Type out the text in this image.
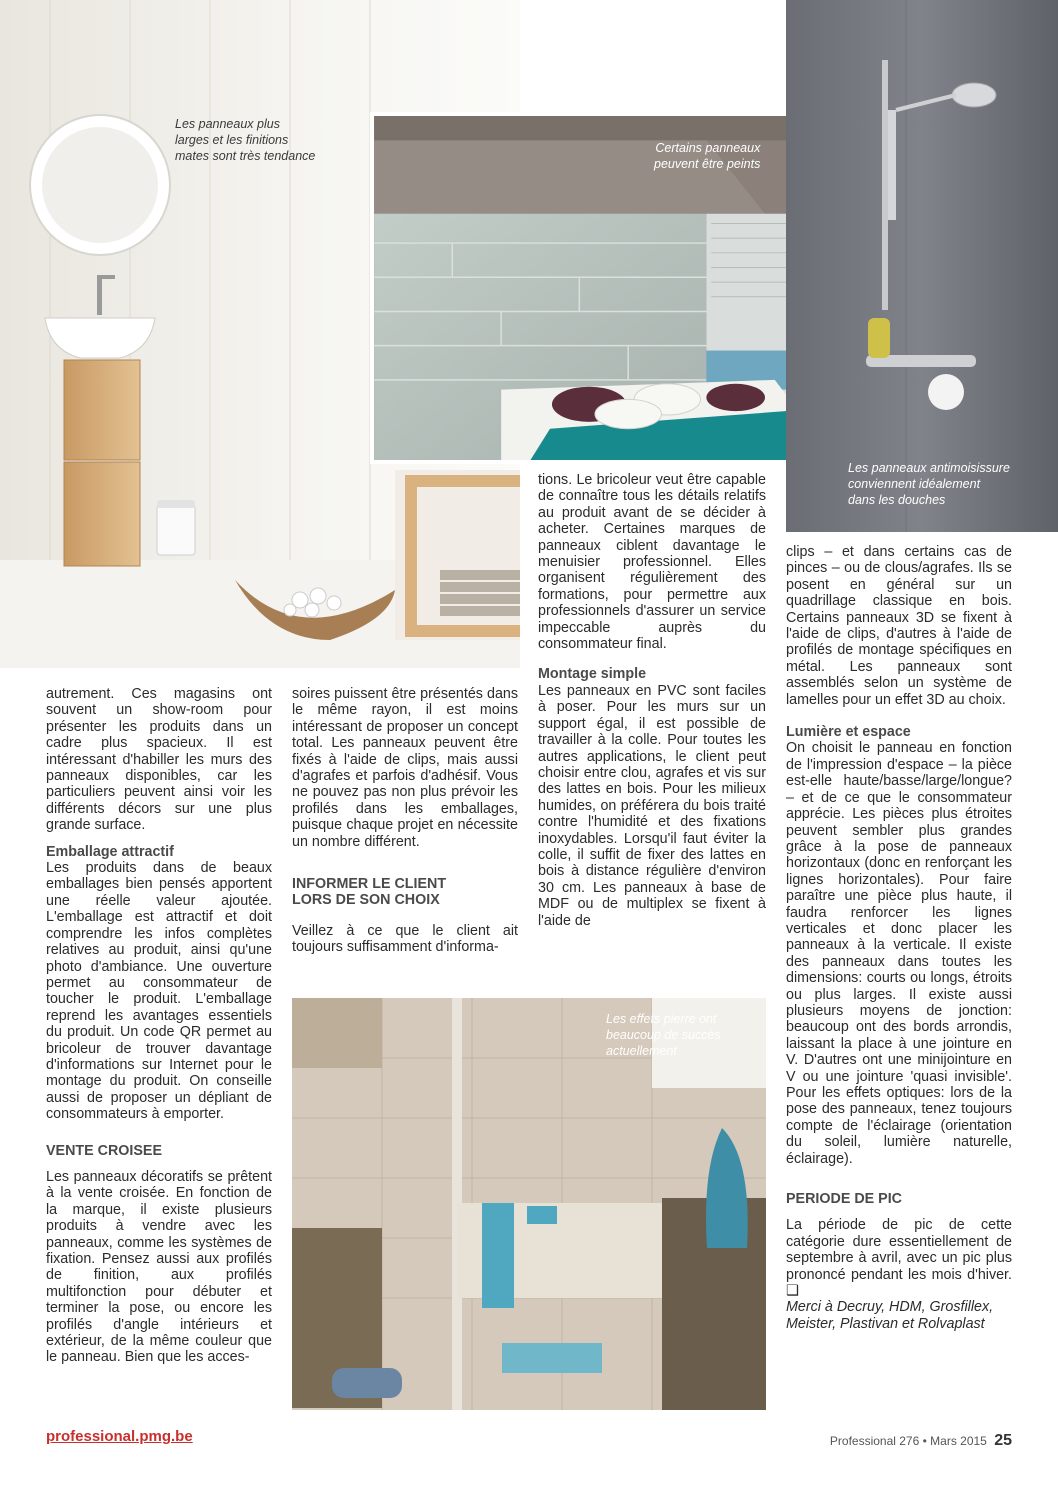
Les panneaux plus
larges et les finitions
mates sont très tendance
Certains panneaux
peuvent être peints
Les panneaux antimoisissure
conviennent idéalement
dans les douches
Les effets pierre ont
beaucoup de succès
actuellement

autrement. Ces magasins ont souvent un show-room pour présenter les produits dans un cadre plus spacieux. Il est intéressant d'habiller les murs des panneaux disponibles, car les particuliers peuvent ainsi voir les différents décors sur une plus grande surface.

Emballage attractif

Les produits dans de beaux emballages bien pensés apportent une réelle valeur ajoutée. L'emballage est attractif et doit comprendre les infos complètes relatives au produit, ainsi qu'une photo d'ambiance. Une ouverture permet au consommateur de toucher le produit. L'emballage reprend les avantages essentiels du produit. Un code QR permet au bricoleur de trouver davantage d'informations sur Internet pour le montage du produit. On conseille aussi de proposer un dépliant de consommateurs à emporter.

VENTE CROISEE

Les panneaux décoratifs se prêtent à la vente croisée. En fonction de la marque, il existe plusieurs produits à vendre avec les panneaux, comme les systèmes de fixation. Pensez aussi aux profilés de finition, aux profilés multifonction pour débuter et terminer la pose, ou encore les profilés d'angle intérieurs et extérieur, de la même couleur que le panneau. Bien que les acces-

soires puissent être présentés dans le même rayon, il est moins intéressant de proposer un concept total. Les panneaux peuvent être fixés à l'aide de clips, mais aussi d'agrafes et parfois d'adhésif. Vous ne pouvez pas non plus prévoir les profilés dans les emballages, puisque chaque projet en nécessite un nombre différent.

INFORMER LE CLIENT LORS DE SON CHOIX

Veillez à ce que le client ait toujours suffisamment d'informa-

tions. Le bricoleur veut être capable de connaître tous les détails relatifs au produit avant de se décider à acheter. Certaines marques de panneaux ciblent davantage le menuisier professionnel. Elles organisent régulièrement des formations, pour permettre aux professionnels d'assurer un service impeccable auprès du consommateur final.

Montage simple

Les panneaux en PVC sont faciles à poser. Pour les murs sur un support égal, il est possible de travailler à la colle. Pour toutes les autres applications, le client peut choisir entre clou, agrafes et vis sur des lattes en bois. Pour les milieux humides, on préférera du bois traité contre l'humidité et des fixations inoxydables. Lorsqu'il faut éviter la colle, il suffit de fixer des lattes en bois à distance régulière d'environ 30 cm. Les panneaux à base de MDF ou de multiplex se fixent à l'aide de

clips – et dans certains cas de pinces – ou de clous/agrafes. Ils se posent en général sur un quadrillage classique en bois. Certains panneaux 3D se fixent à l'aide de clips, d'autres à l'aide de profilés de montage spécifiques en métal. Les panneaux sont assemblés selon un système de lamelles pour un effet 3D au choix.

Lumière et espace

On choisit le panneau en fonction de l'impression d'espace – la pièce est-elle haute/basse/large/longue? – et de ce que le consommateur apprécie. Les pièces plus étroites peuvent sembler plus grandes grâce à la pose de panneaux horizontaux (donc en renforçant les lignes horizontales). Pour faire paraître une pièce plus haute, il faudra renforcer les lignes verticales et donc placer les panneaux à la verticale. Il existe des panneaux dans toutes les dimensions: courts ou longs, étroits ou plus larges. Il existe aussi plusieurs moyens de jonction: beaucoup ont des bords arrondis, laissant la place à une jointure en V. D'autres ont une minijointure en V ou une jointure 'quasi invisible'. Pour les effets optiques: lors de la pose des panneaux, tenez toujours compte de l'éclairage (orientation du soleil, lumière naturelle, éclairage).

PERIODE DE PIC

La période de pic de cette catégorie dure essentiellement de septembre à avril, avec un pic plus prononcé pendant les mois d'hiver. ❑

Merci à Decruy, HDM, Grosfillex, Meister, Plastivan et Rolvaplast

professional.pmg.be	Professional 276 • Mars 2015 25
